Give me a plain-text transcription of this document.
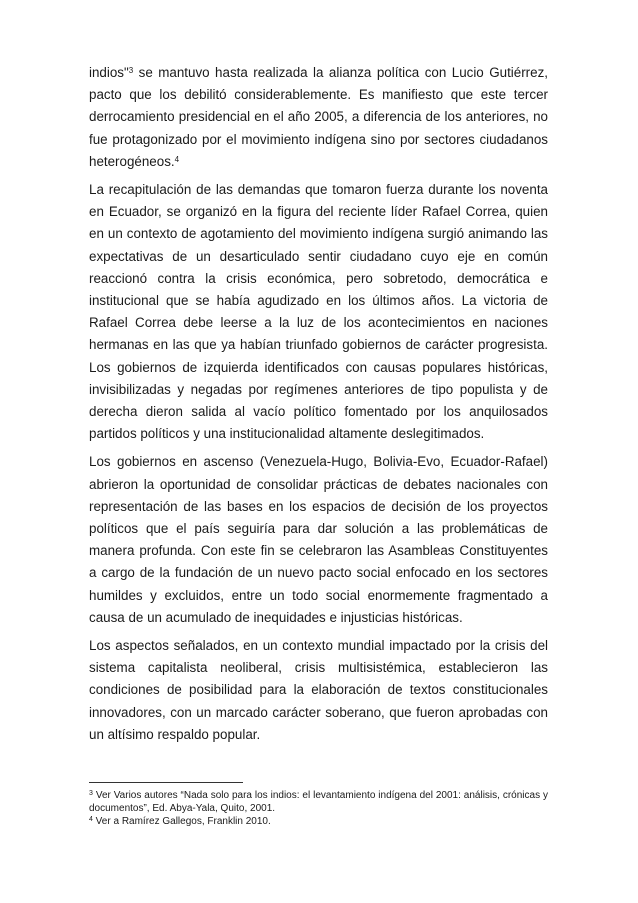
indios"$^3$ se mantuvo hasta realizada la alianza política con Lucio Gutiérrez, pacto que los debilitó considerablemente. Es manifiesto que este tercer derrocamiento presidencial en el año 2005, a diferencia de los anteriores, no fue protagonizado por el movimiento indígena sino por sectores ciudadanos heterogéneos.$^4$

La recapitulación de las demandas que tomaron fuerza durante los noventa en Ecuador, se organizó en la figura del reciente líder Rafael Correa, quien en un contexto de agotamiento del movimiento indígena surgió animando las expectativas de un desarticulado sentir ciudadano cuyo eje en común reaccionó contra la crisis económica, pero sobretodo, democrática e institucional que se había agudizado en los últimos años. La victoria de Rafael Correa debe leerse a la luz de los acontecimientos en naciones hermanas en las que ya habían triunfado gobiernos de carácter progresista. Los gobiernos de izquierda identificados con causas populares históricas, invisibilizadas y negadas por regímenes anteriores de tipo populista y de derecha dieron salida al vacío político fomentado por los anquilosados partidos políticos y una institucionalidad altamente deslegitimados.

Los gobiernos en ascenso (Venezuela-Hugo, Bolivia-Evo, Ecuador-Rafael) abrieron la oportunidad de consolidar prácticas de debates nacionales con representación de las bases en los espacios de decisión de los proyectos políticos que el país seguiría para dar solución a las problemáticas de manera profunda. Con este fin se celebraron las Asambleas Constituyentes a cargo de la fundación de un nuevo pacto social enfocado en los sectores humildes y excluidos, entre un todo social enormemente fragmentado a causa de un acumulado de inequidades e injusticias históricas.

Los aspectos señalados, en un contexto mundial impactado por la crisis del sistema capitalista neoliberal, crisis multisistémica, establecieron las condiciones de posibilidad para la elaboración de textos constitucionales innovadores, con un marcado carácter soberano, que fueron aprobadas con un altísimo respaldo popular.

$^3$ Ver Varios autores “Nada solo para los indios: el levantamiento indígena del 2001: análisis, crónicas y documentos”, Ed. Abya-Yala, Quito, 2001.

$^4$ Ver a Ramírez Gallegos, Franklin 2010.
